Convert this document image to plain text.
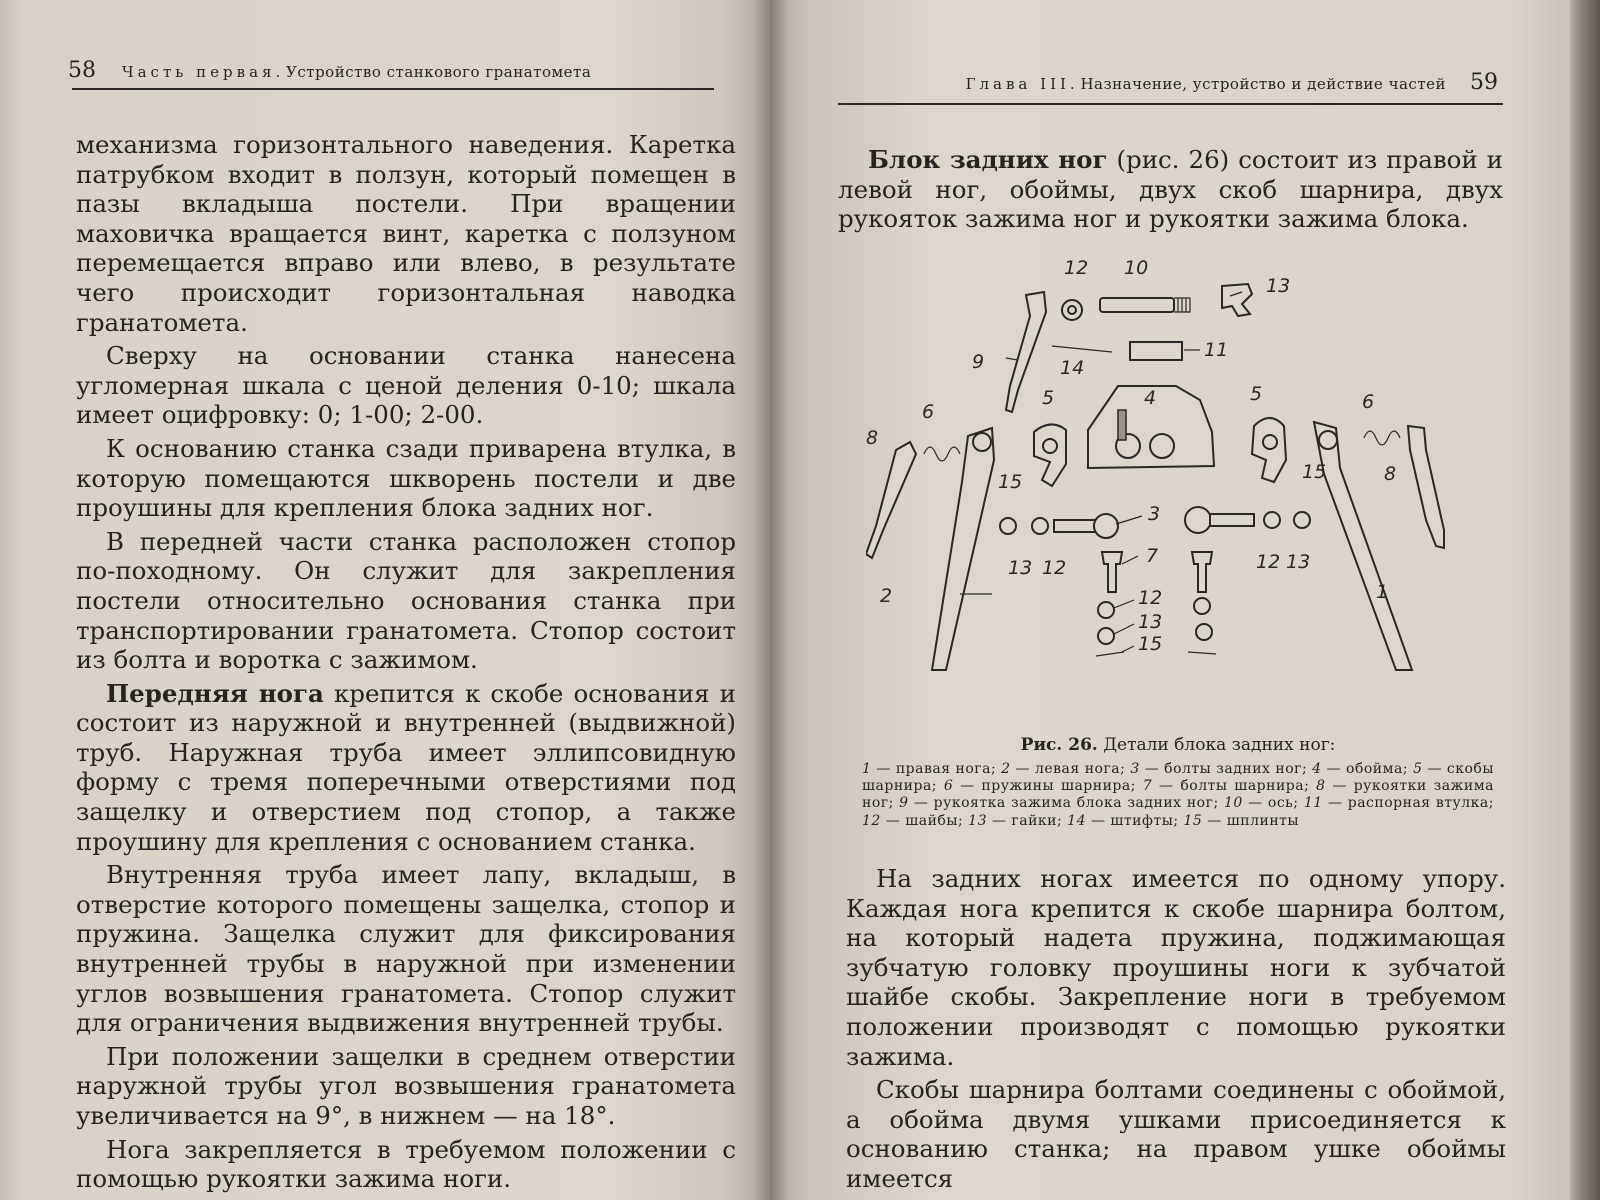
58 Часть первая. Устройство станкового гранатомета

механизма горизонтального наведения. Каретка патрубком входит в ползун, который помещен в пазы вкладыша постели. При вращении маховичка вращается винт, каретка с ползуном перемещается вправо или влево, в результате чего происходит горизонтальная наводка гранатомета.

Сверху на основании станка нанесена угломерная шкала с ценой деления 0-10; шкала имеет оцифровку: 0; 1-00; 2-00.

К основанию станка сзади приварена втулка, в которую помещаются шкворень постели и две проушины для крепления блока задних ног.

В передней части станка расположен стопор по-походному. Он служит для закрепления постели относительно основания станка при транспортировании гранатомета. Стопор состоит из болта и воротка с зажимом.

Передняя нога крепится к скобе основания и состоит из наружной и внутренней (выдвижной) труб. Наружная труба имеет эллипсовидную форму с тремя поперечными отверстиями под защелку и отверстием под стопор, а также проушину для крепления с основанием станка.

Внутренняя труба имеет лапу, вкладыш, в отверстие которого помещены защелка, стопор и пружина. Защелка служит для фиксирования внутренней трубы в наружной при изменении углов возвышения гранатомета. Стопор служит для ограничения выдвижения внутренней трубы.

При положении защелки в среднем отверстии наружной трубы угол возвышения гранатомета увеличивается на 9°, в нижнем — на 18°.

Нога закрепляется в требуемом положении с помощью рукоятки зажима ноги.

Глава III. Назначение, устройство и действие частей 59

Блок задних ног (рис. 26) состоит из правой и левой ног, обоймы, двух скоб шарнира, двух рукояток зажима ног и рукоятки зажима блока.

12 10
13
9	14
11
5	4	5
6	6
8
8
15	15
3
13 12	12 13
7
2	1
12
13
15
Рис. 26. Детали блока задних ног:
1 — правая нога; 2 — левая нога; 3 — болты задних ног; 4 — обойма; 5 — скобы шарнира; 6 — пружины шарнира; 7 — болты шарнира; 8 — рукоятки зажима ног; 9 — рукоятка зажима блока задних ног; 10 — ось; 11 — распорная втулка; 12 — шайбы; 13 — гайки; 14 — штифты; 15 — шплинты

На задних ногах имеется по одному упору. Каждая нога крепится к скобе шарнира болтом, на который надета пружина, поджимающая зубчатую головку проушины ноги к зубчатой шайбе скобы. Закрепление ноги в требуемом положении производят с помощью рукоятки зажима.

Скобы шарнира болтами соединены с обоймой, а обойма двумя ушками присоединяется к основанию станка; на правом ушке обоймы имеется
